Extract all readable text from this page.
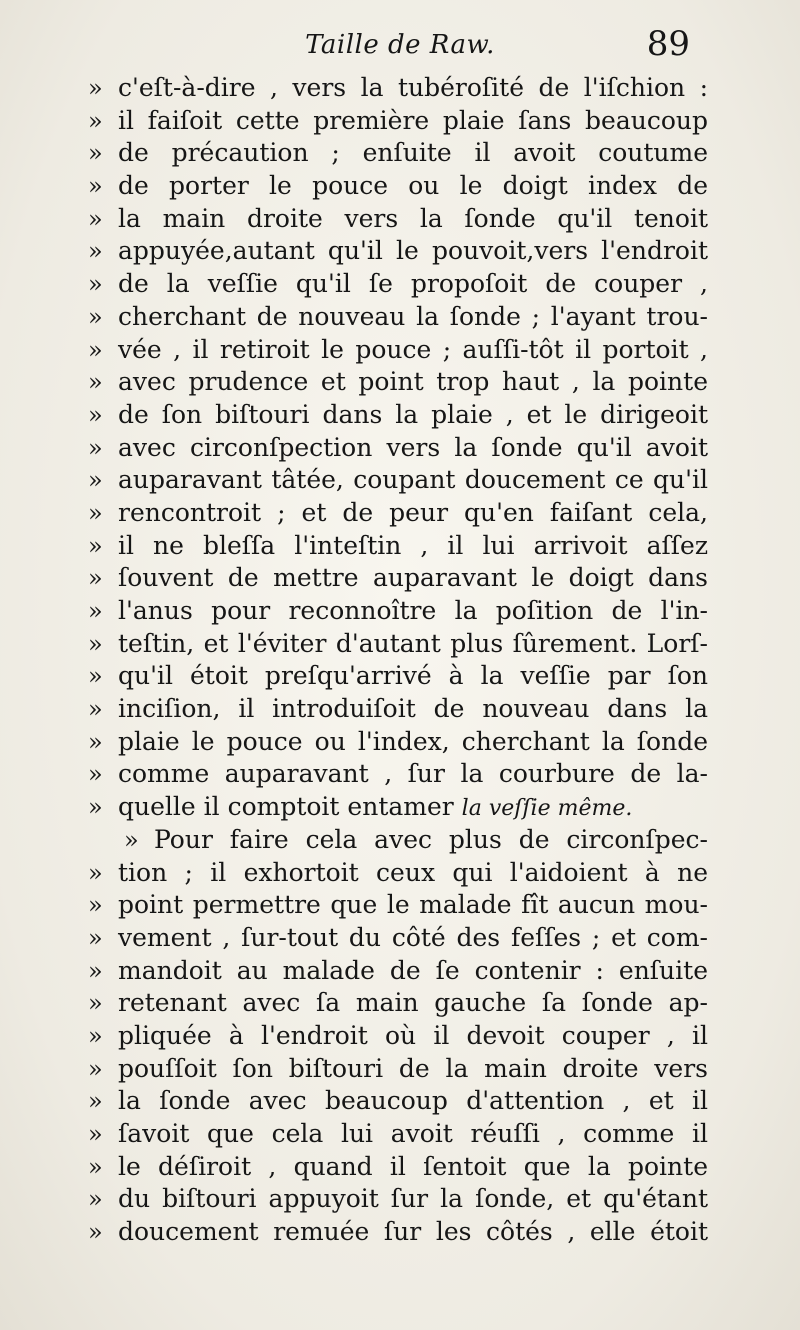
Taille de Raw.	89
» c'eſt-à-dire , vers la tubéroſité de l'iſchion :
» il faiſoit cette première plaie ſans beaucoup
» de précaution ; enſuite il avoit coutume
» de porter le pouce ou le doigt index de
» la main droite vers la ſonde qu'il tenoit
» appuyée,autant qu'il le pouvoit,vers l'endroit
» de la veſſie qu'il ſe propoſoit de couper ,
» cherchant de nouveau la ſonde ; l'ayant trou-
» vée , il retiroit le pouce ; auſſi-tôt il portoit ,
» avec prudence et point trop haut , la pointe
» de ſon biſtouri dans la plaie , et le dirigeoit
» avec circonſpection vers la ſonde qu'il avoit
» auparavant tâtée, coupant doucement ce qu'il
» rencontroit ; et de peur qu'en faiſant cela,
» il ne bleſſa l'inteſtin , il lui arrivoit aſſez
» ſouvent de mettre auparavant le doigt dans
» l'anus pour reconnoître la poſition de l'in-
» teſtin, et l'éviter d'autant plus ſûrement. Lorſ-
» qu'il étoit preſqu'arrivé à la veſſie par ſon
» inciſion, il introduiſoit de nouveau dans la
» plaie le pouce ou l'index, cherchant la ſonde
» comme auparavant , ſur la courbure de la-
» quelle il comptoit entamer la veſſie même.
» Pour faire cela avec plus de circonſpec-
» tion ; il exhortoit ceux qui l'aidoient à ne
» point permettre que le malade fît aucun mou-
» vement , ſur-tout du côté des feſſes ; et com-
» mandoit au malade de ſe contenir : enſuite
» retenant avec ſa main gauche ſa ſonde ap-
» pliquée à l'endroit où il devoit couper , il
» pouſſoit ſon biſtouri de la main droite vers
» la ſonde avec beaucoup d'attention , et il
» ſavoit que cela lui avoit réuſſi , comme il
» le déſiroit , quand il ſentoit que la pointe
» du biſtouri appuyoit ſur la ſonde, et qu'étant
» doucement remuée ſur les côtés , elle étoit
